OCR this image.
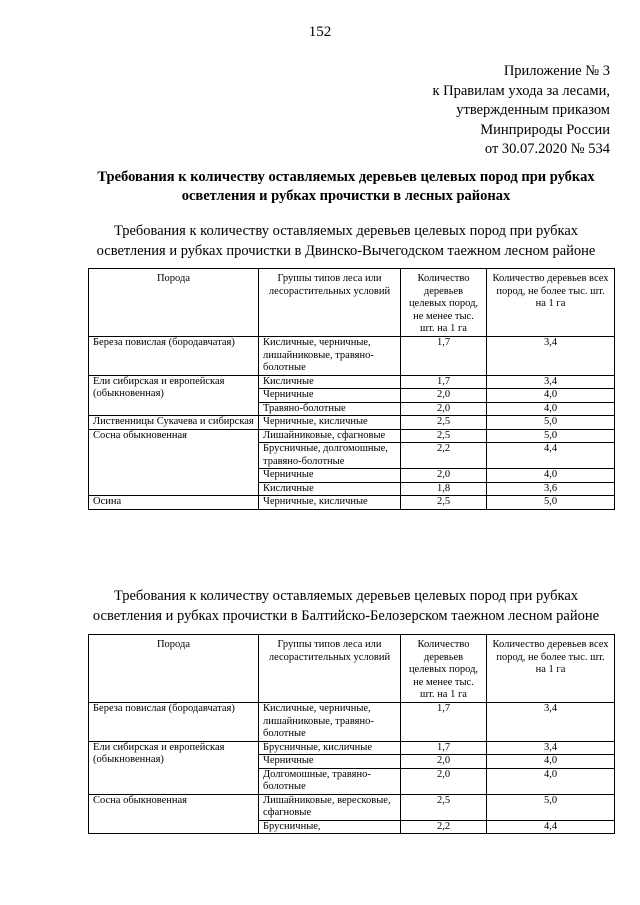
152
Приложение № 3
к Правилам ухода за лесами,
утвержденным приказом
Минприроды России
от 30.07.2020 № 534
Требования к количеству оставляемых деревьев целевых пород при рубках осветления и рубках прочистки в лесных районах
Требования к количеству оставляемых деревьев целевых пород при рубках осветления и рубках прочистки в Двинско-Вычегодском таежном лесном районе
Порода	Группы типов леса или лесорастительных условий	Количество деревьев целевых пород, не менее тыс. шт. на 1 га	Количество деревьев всех пород, не более тыс. шт. на 1 га
Береза повислая (бородавчатая)	Кисличные, черничные, лишайниковые, травяно-болотные	1,7	3,4
Ели сибирская и европейская (обыкновенная)	Кисличные	1,7	3,4
	Черничные	2,0	4,0
	Травяно-болотные	2,0	4,0
Лиственницы Сукачева и сибирская	Черничные, кисличные	2,5	5,0
Сосна обыкновенная	Лишайниковые, сфагновые	2,5	5,0
	Брусничные, долгомошные, травяно-болотные	2,2	4,4
	Черничные	2,0	4,0
	Кисличные	1,8	3,6
Осина	Черничные, кисличные	2,5	5,0
Требования к количеству оставляемых деревьев целевых пород при рубках осветления и рубках прочистки в Балтийско-Белозерском таежном лесном районе
Порода	Группы типов леса или лесорастительных условий	Количество деревьев целевых пород, не менее тыс. шт. на 1 га	Количество деревьев всех пород, не более тыс. шт. на 1 га
Береза повислая (бородавчатая)	Кисличные, черничные, лишайниковые, травяно-болотные	1,7	3,4
Ели сибирская и европейская (обыкновенная)	Брусничные, кисличные	1,7	3,4
	Черничные	2,0	4,0
	Долгомошные, травяно-болотные	2,0	4,0
Сосна обыкновенная	Лишайниковые, вересковые, сфагновые	2,5	5,0
	Брусничные,	2,2	4,4
